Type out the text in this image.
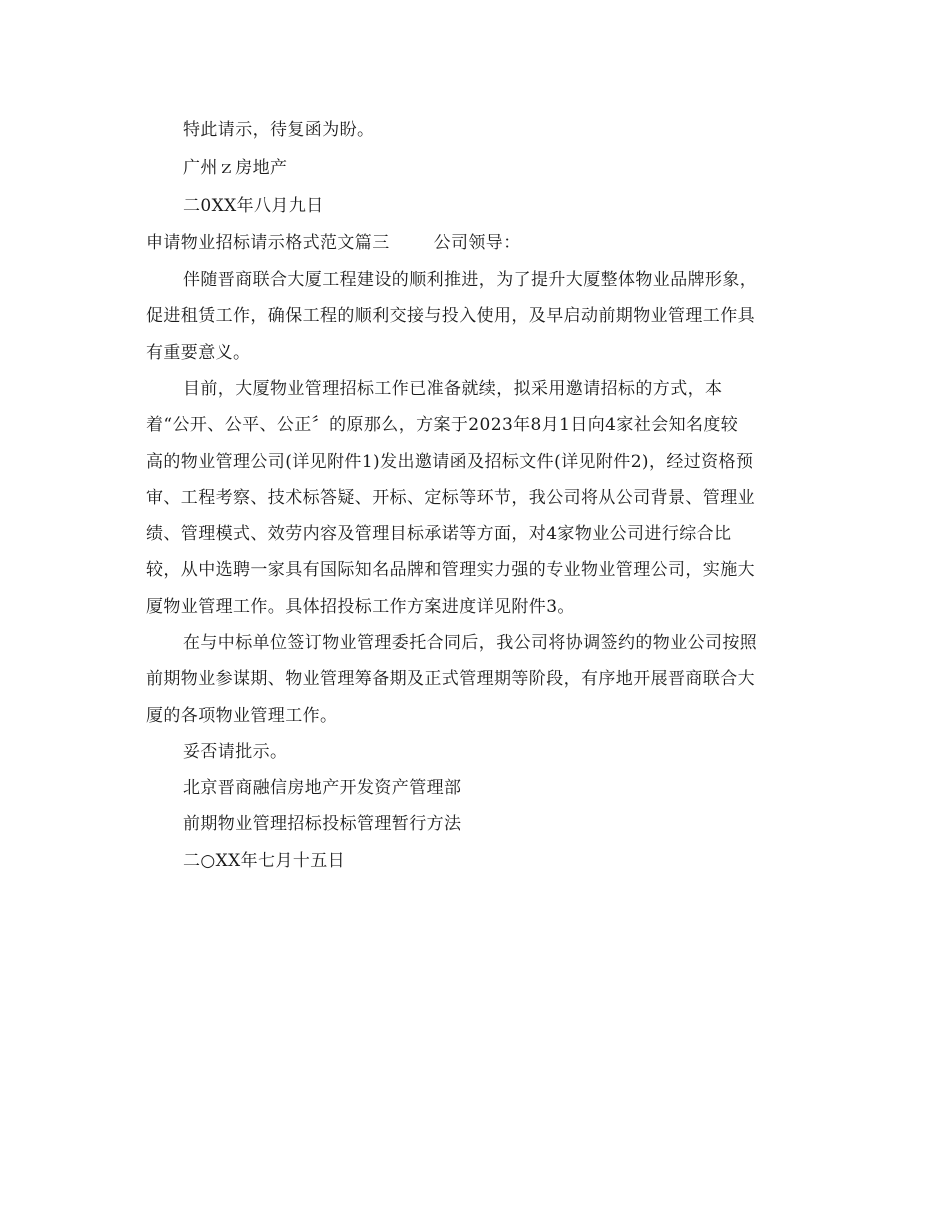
特此请示，待复函为盼。
广州ｚ房地产
二0XX年八月九日
申请物业招标请示格式范文篇三	公司领导：
伴随晋商联合大厦工程建设的顺利推进，为了提升大厦整体物业品牌形象，
促进租赁工作，确保工程的顺利交接与投入使用，及早启动前期物业管理工作具
有重要意义。
目前，大厦物业管理招标工作已准备就续，拟采用邀请招标的方式，本
着“公开、公平、公正〞的原那么，方案于2023年8月1日向4家社会知名度较
高的物业管理公司(详见附件1)发出邀请函及招标文件(详见附件2)，经过资格预
审、工程考察、技术标答疑、开标、定标等环节，我公司将从公司背景、管理业
绩、管理模式、效劳内容及管理目标承诺等方面，对4家物业公司进行综合比
较，从中选聘一家具有国际知名品牌和管理实力强的专业物业管理公司，实施大
厦物业管理工作。具体招投标工作方案进度详见附件3。
在与中标单位签订物业管理委托合同后，我公司将协调签约的物业公司按照
前期物业参谋期、物业管理筹备期及正式管理期等阶段，有序地开展晋商联合大
厦的各项物业管理工作。
妥否请批示。
北京晋商融信房地产开发资产管理部
前期物业管理招标投标管理暂行方法
二○XX年七月十五日
